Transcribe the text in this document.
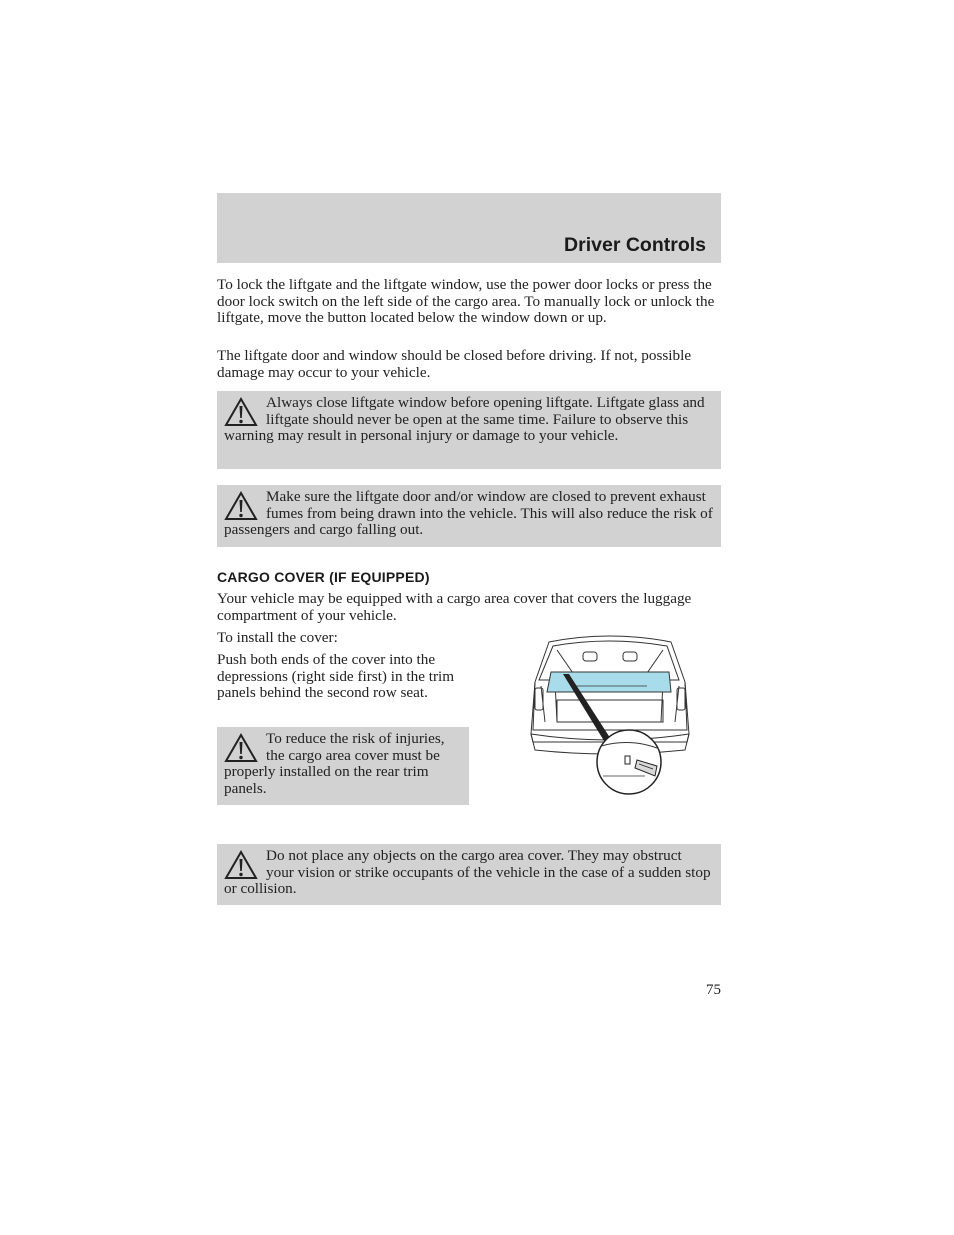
Driver Controls

To lock the liftgate and the liftgate window, use the power door locks or press the door lock switch on the left side of the cargo area. To manually lock or unlock the liftgate, move the button located below the window down or up.

The liftgate door and window should be closed before driving. If not, possible damage may occur to your vehicle.

Always close liftgate window before opening liftgate. Liftgate glass and liftgate should never be open at the same time. Failure to observe this warning may result in personal injury or damage to your vehicle.

Make sure the liftgate door and/or window are closed to prevent exhaust fumes from being drawn into the vehicle. This will also reduce the risk of passengers and cargo falling out.

CARGO COVER (IF EQUIPPED)

Your vehicle may be equipped with a cargo area cover that covers the luggage compartment of your vehicle.

To install the cover:

Push both ends of the cover into the depressions (right side first) in the trim panels behind the second row seat.

To reduce the risk of injuries, the cargo area cover must be properly installed on the rear trim panels.

Do not place any objects on the cargo area cover. They may obstruct your vision or strike occupants of the vehicle in the case of a sudden stop or collision.

75
